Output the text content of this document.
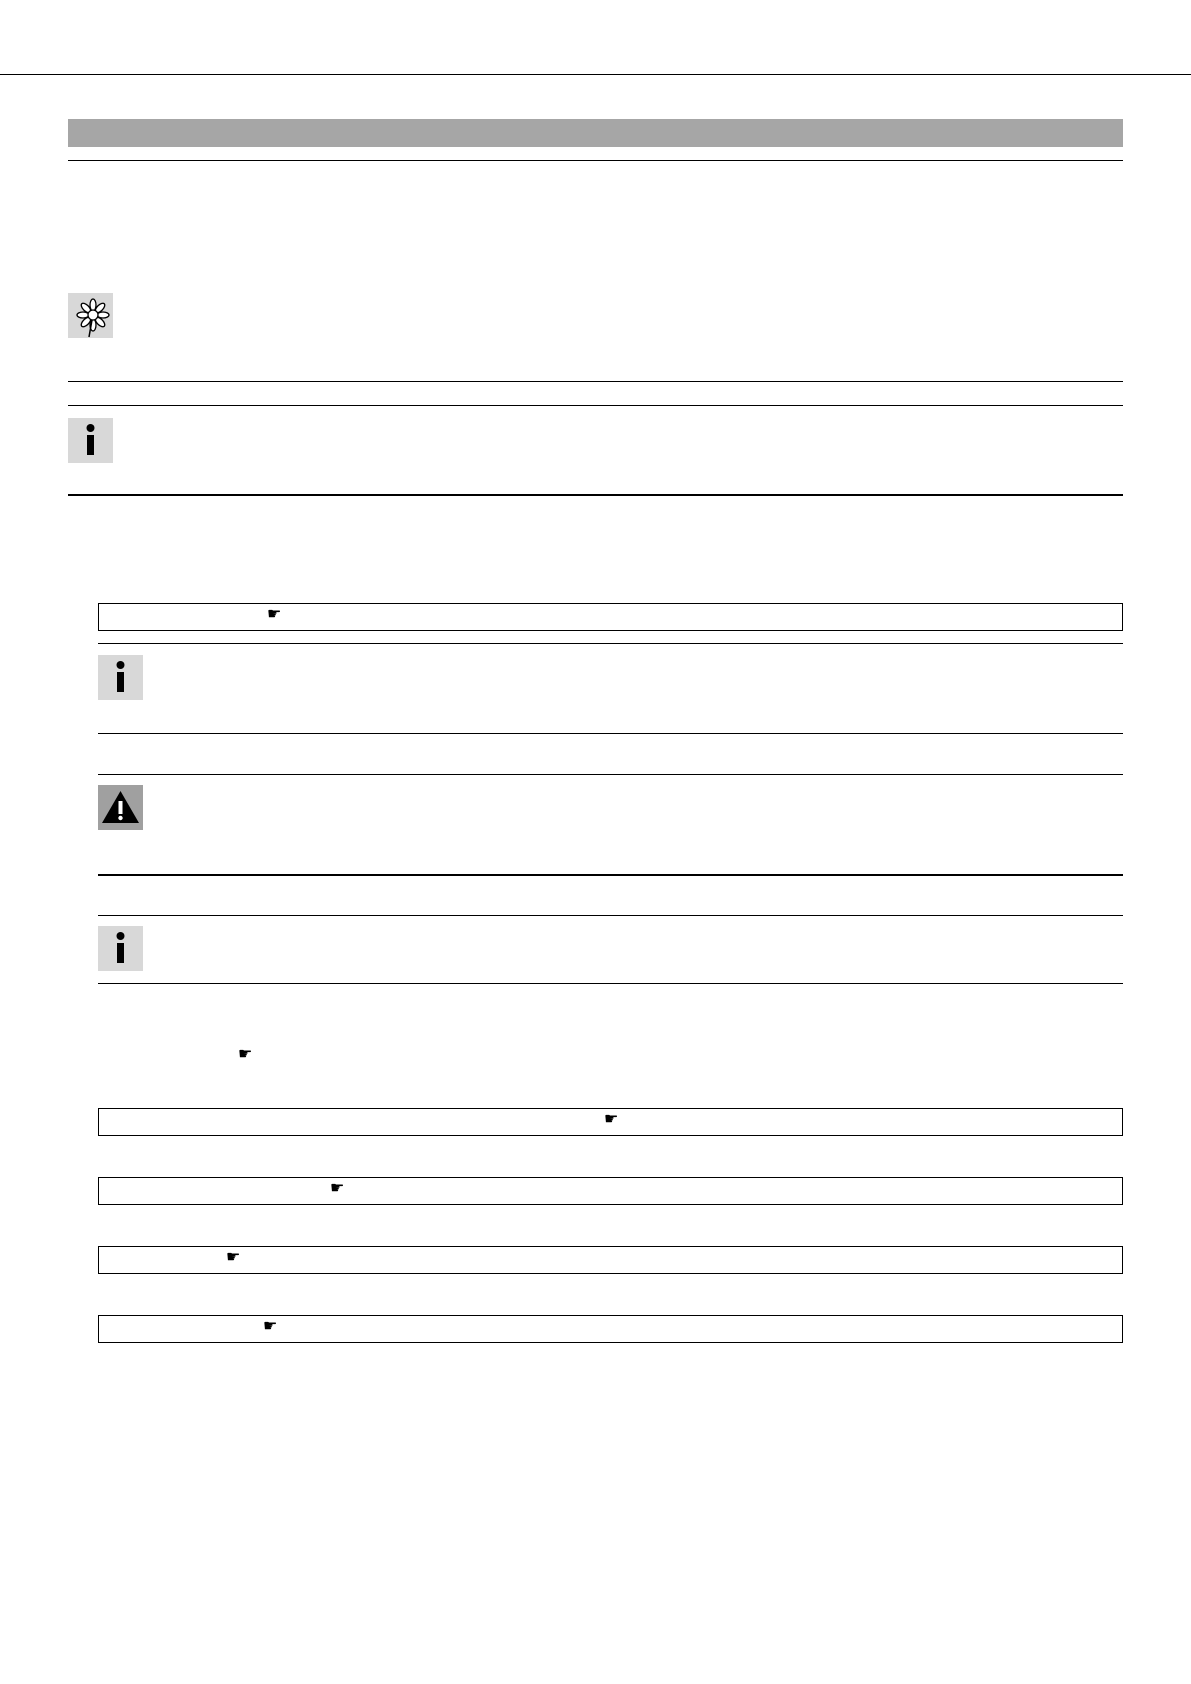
☛
☛
☛
☛
☛
☛
